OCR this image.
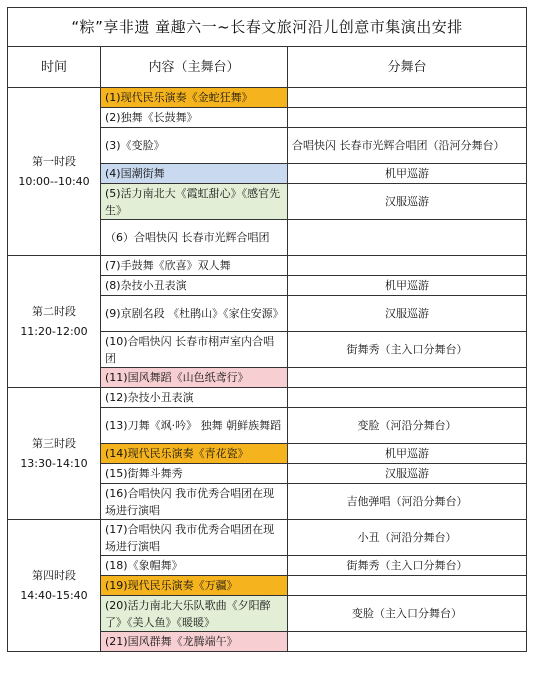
“粽”享非遗 童趣六一~长春文旅河沿儿创意市集演出安排		
时间	内容（主舞台）	分舞台

第一时段
10:00--10:40	(1)现代民乐演奏《金蛇狂舞》	
	(2)独舞《长鼓舞》	
	(3)《变脸》	合唱快闪 长春市光辉合唱团（沿河分舞台）
	(4)国潮街舞	机甲巡游
	(5)活力南北大《霞虹甜心》《感官先生》	汉服巡游
	（6）合唱快闪 长春市光辉合唱团	

第二时段
11:20-12:00	(7)手鼓舞《欣喜》双人舞	
	(8)杂技小丑表演	机甲巡游
	(9)京剧名段 《杜鹃山》《家住安源》	汉服巡游
	(10)合唱快闪 长春市栩声室内合唱团	街舞秀（主入口分舞台）
	(11)国风舞蹈《山色纸鸢行》	

第三时段
13:30-14:10	(12)杂技小丑表演	
	(13)刀舞《飒·吟》 独舞 朝鲜族舞蹈	变脸（河沿分舞台）
	(14)现代民乐演奏《青花瓷》	机甲巡游
	(15)街舞斗舞秀	汉服巡游
	(16)合唱快闪 我市优秀合唱团在现场进行演唱	吉他弹唱（河沿分舞台）

第四时段
14:40-15:40	(17)合唱快闪 我市优秀合唱团在现场进行演唱	小丑（河沿分舞台）
	(18)《象帽舞》	街舞秀（主入口分舞台）
	(19)现代民乐演奏《万疆》	
	(20)活力南北大乐队歌曲《夕阳醉了》《美人鱼》《暖暖》	变脸（主入口分舞台）
	(21)国风群舞《龙腾端午》	
